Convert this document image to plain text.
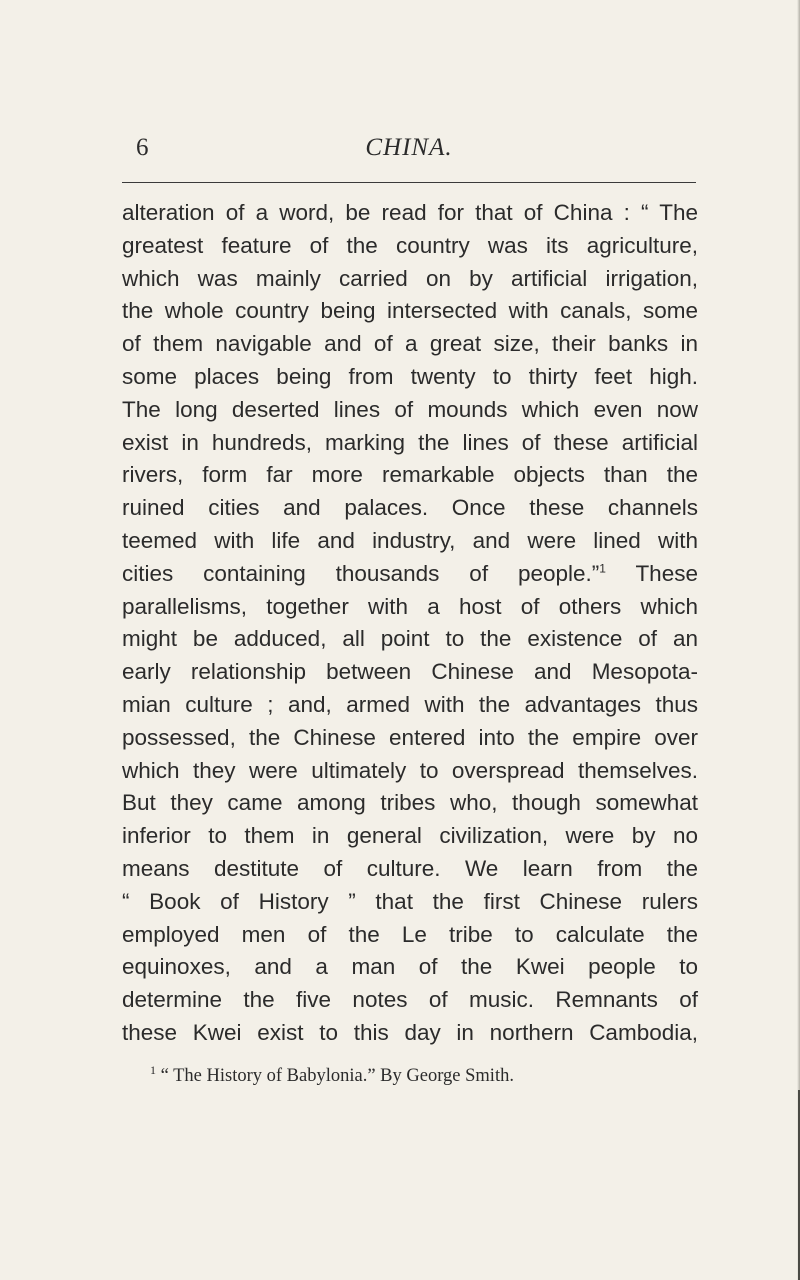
6	CHINA.
alteration of a word, be read for that of China : “ The
greatest feature of the country was its agriculture,
which was mainly carried on by artificial irrigation,
the whole country being intersected with canals, some
of them navigable and of a great size, their banks in
some places being from twenty to thirty feet high.
The long deserted lines of mounds which even now
exist in hundreds, marking the lines of these artificial
rivers, form far more remarkable objects than the
ruined cities and palaces. Once these channels
teemed with life and industry, and were lined with
cities containing thousands of people.”$^1$ These
parallelisms, together with a host of others which
might be adduced, all point to the existence of an
early relationship between Chinese and Mesopota-
mian culture ; and, armed with the advantages thus
possessed, the Chinese entered into the empire over
which they were ultimately to overspread themselves.
But they came among tribes who, though somewhat
inferior to them in general civilization, were by no
means destitute of culture. We learn from the
“ Book of History ” that the first Chinese rulers
employed men of the Le tribe to calculate the
equinoxes, and a man of the Kwei people to
determine the five notes of music. Remnants of
these Kwei exist to this day in northern Cambodia,
$^1$ “ The History of Babylonia.” By George Smith.
